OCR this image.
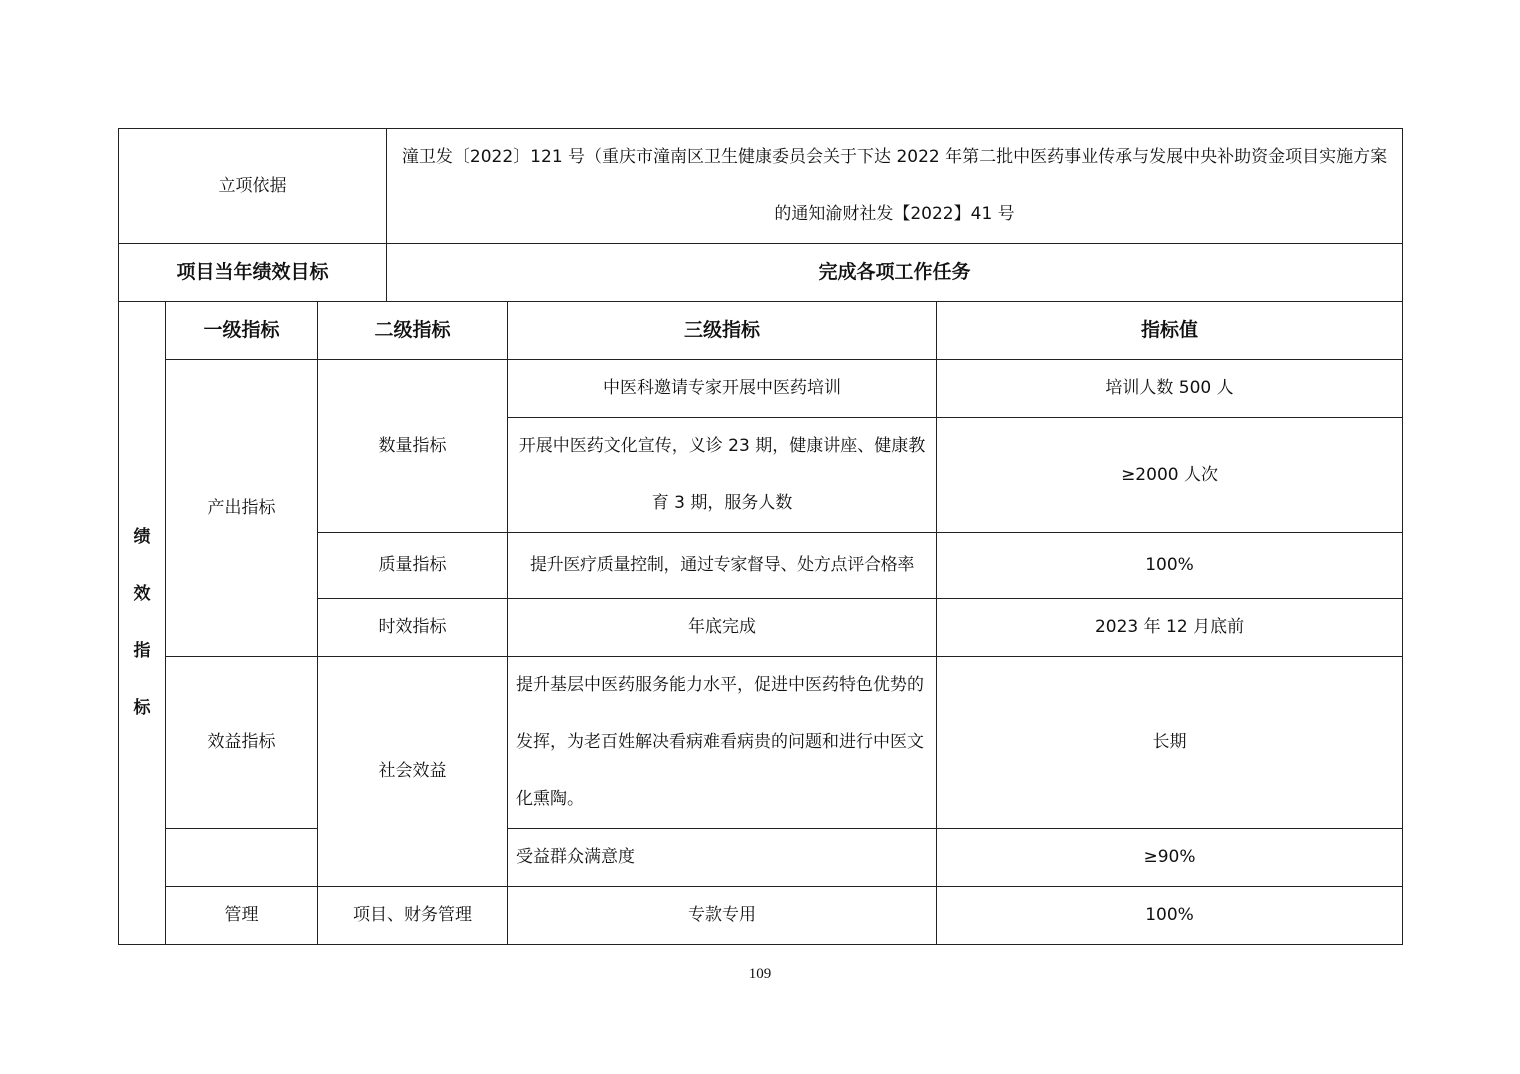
立项依据			潼卫发〔2022〕121 号（重庆市潼南区卫生健康委员会关于下达 2022 年第二批中医药事业传承与发展中央补助资金项目实施方案的通知渝财社发【2022】41 号		
项目当年绩效目标			完成各项工作任务		

绩
效
指
标	一级指标	二级指标		三级指标	指标值
	产出指标	数量指标		中医科邀请专家开展中医药培训	培训人数 500 人
				开展中医药文化宣传，义诊 23 期，健康讲座、健康教育 3 期，服务人数	≥2000 人次
		质量指标		提升医疗质量控制，通过专家督导、处方点评合格率	100%
		时效指标		年底完成	2023 年 12 月底前
	效益指标	社会效益		提升基层中医药服务能力水平，促进中医药特色优势的发挥，为老百姓解决看病难看病贵的问题和进行中医文化熏陶。	长期
				受益群众满意度	≥90%
	管理	项目、财务管理		专款专用	100%
109
